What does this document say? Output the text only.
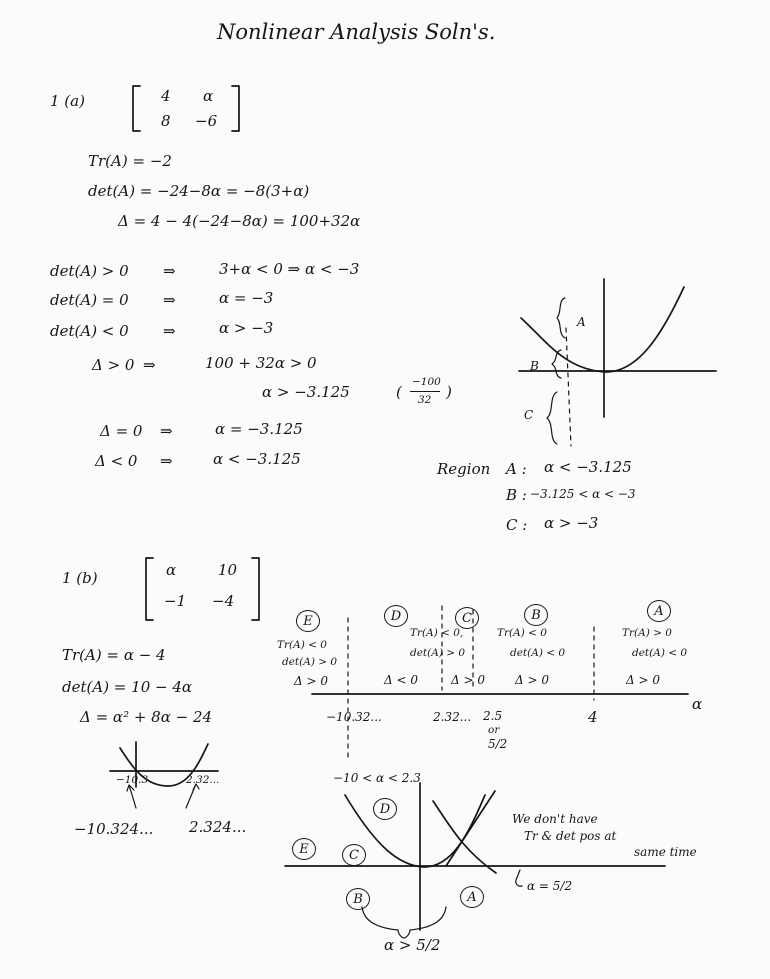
Nonlinear Analysis Soln's.
1 (a)	4 α
8 −6
Tr(A) = −2
det(A) = −24−8α = −8(3+α)
Δ = 4 − 4(−24−8α) = 100+32α
det(A) > 0 ⇒	3+α < 0 ⇒ α < −3
det(A) = 0 ⇒	α = −3
det(A) < 0 ⇒	α > −3
Δ > 0 ⇒	100 + 32α > 0
α > −3.125	(
−100
32 )
Δ = 0 ⇒	α = −3.125
Δ < 0 ⇒	α < −3.125
A
B
C
Region A : α < −3.125
B : −3.125 < α < −3
C : α > −3
1 (b)	α	10
−1 −4
Tr(A) = α − 4
det(A) = 10 − 4α
Δ = α² + 8α − 24
−10.3	2.32...
−10.324... 2.324...
E
Tr(A) < 0
det(A) > 0
Δ > 0
D
Δ < 0
C
Tr(A) < 0,
det(A) > 0
Δ > 0
B
Tr(A) < 0
det(A) < 0
Δ > 0
A
Tr(A) > 0
det(A) < 0
Δ > 0
α
−10.32...	2.32... 2.5
or
5/2
4
−10 < α < 2.3
D
E	C
B	A
We don't have
Tr & det pos at
same time
α = 5/2
α > 5/2
